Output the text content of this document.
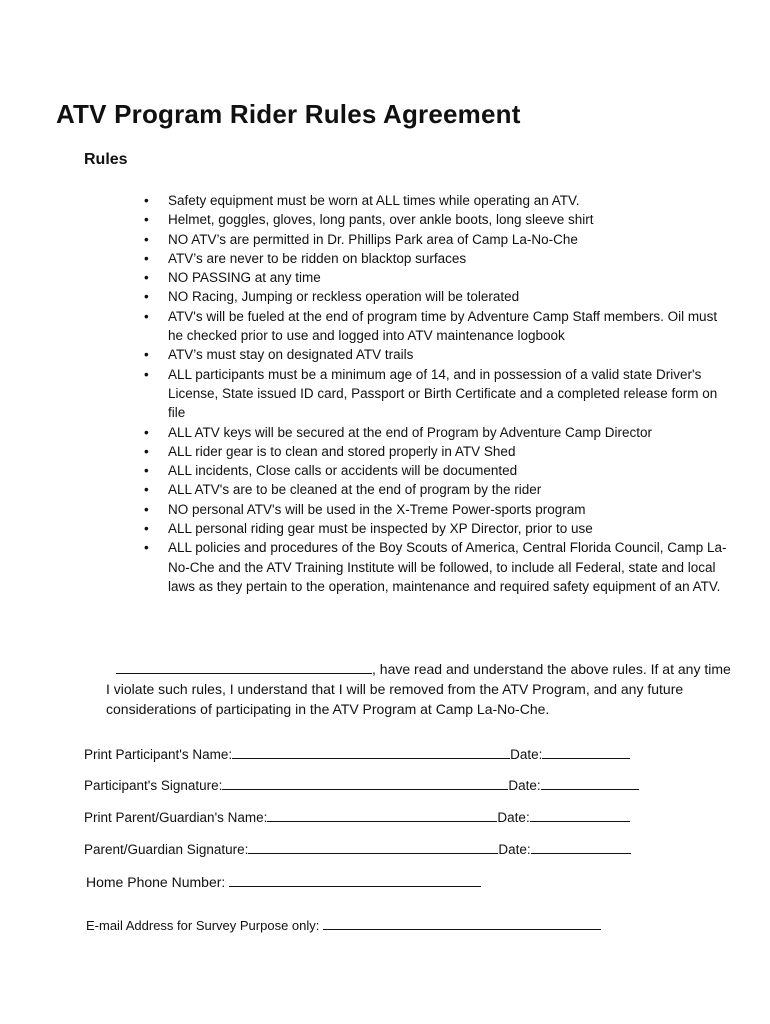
ATV Program Rider Rules Agreement
Rules
• Safety equipment must be worn at ALL times while operating an ATV.
• Helmet, goggles, gloves, long pants, over ankle boots, long sleeve shirt
• NO ATV’s are permitted in Dr. Phillips Park area of Camp La-No-Che
• ATV’s are never to be ridden on blacktop surfaces
• NO PASSING at any time
• NO Racing, Jumping or reckless operation will be tolerated
• ATV's will be fueled at the end of program time by Adventure Camp Staff members. Oil must he checked prior to use and logged into ATV maintenance logbook
• ATV’s must stay on designated ATV trails
• ALL participants must be a minimum age of 14, and in possession of a valid state Driver's License, State issued ID card, Passport or Birth Certificate and a completed release form on file
• ALL ATV keys will be secured at the end of Program by Adventure Camp Director
• ALL rider gear is to clean and stored properly in ATV Shed
• ALL incidents, Close calls or accidents will be documented
• ALL ATV's are to be cleaned at the end of program by the rider
• NO personal ATV's will be used in the X-Treme Power-sports program
• ALL personal riding gear must be inspected by XP Director, prior to use
• ALL policies and procedures of the Boy Scouts of America, Central Florida Council, Camp La-No-Che and the ATV Training Institute will be followed, to include all Federal, state and local laws as they pertain to the operation, maintenance and required safety equipment of an ATV.
, have read and understand the above rules. If at any time I violate such rules, I understand that I will be removed from the ATV Program, and any future considerations of participating in the ATV Program at Camp La-No-Che.
Print Participant's Name:	Date:
Participant's Signature:	Date:
Print Parent/Guardian's Name:	Date:
Parent/Guardian Signature:	Date:
Home Phone Number:
E-mail Address for Survey Purpose only:
